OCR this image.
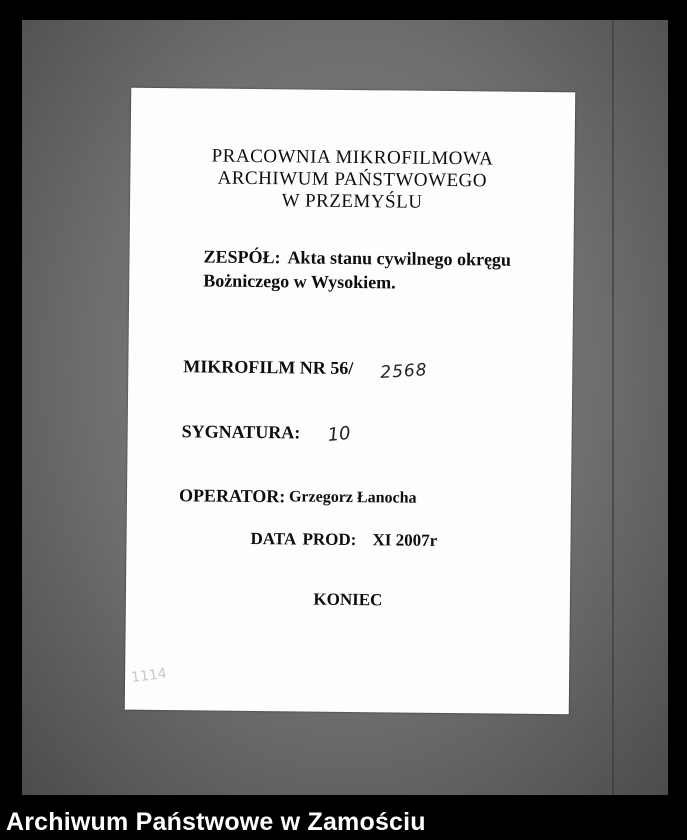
PRACOWNIA MIKROFILMOWA
ARCHIWUM PAŃSTWOWEGO
W PRZEMYŚLU
ZESPÓŁ: Akta stanu cywilnego okręgu
Bożniczego w Wysokiem.
MIKROFILM NR 56/ 2568
SYGNATURA: 10
OPERATOR: Grzegorz Łanocha
DATA PROD: XI 2007r
KONIEC
1114
Archiwum Państwowe w Zamościu
